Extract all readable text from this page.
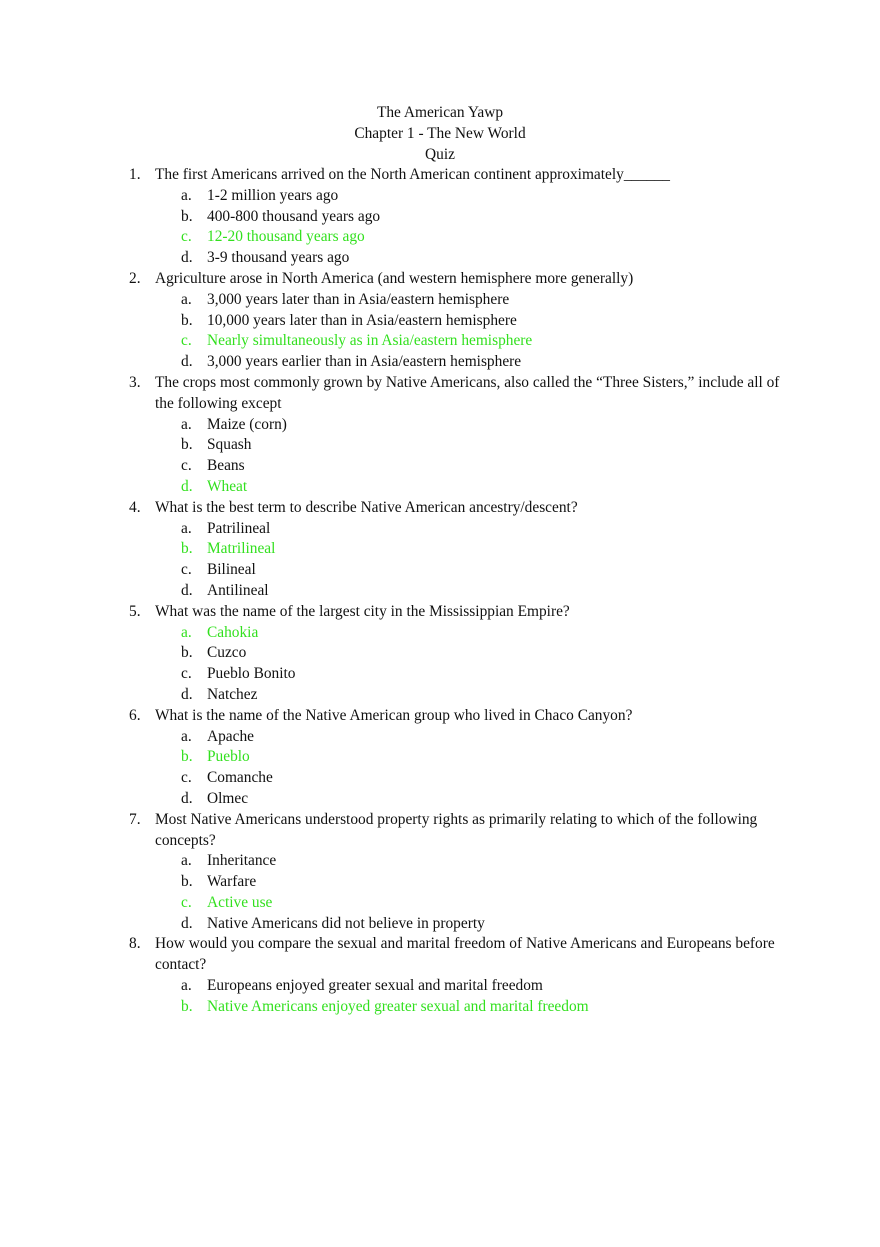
The American Yawp
Chapter 1 - The New World
Quiz
1. The first Americans arrived on the North American continent approximately______
a. 1-2 million years ago
b. 400-800 thousand years ago
c. 12-20 thousand years ago
d. 3-9 thousand years ago
2. Agriculture arose in North America (and western hemisphere more generally)
a. 3,000 years later than in Asia/eastern hemisphere
b. 10,000 years later than in Asia/eastern hemisphere
c. Nearly simultaneously as in Asia/eastern hemisphere
d. 3,000 years earlier than in Asia/eastern hemisphere
3. The crops most commonly grown by Native Americans, also called the “Three Sisters,” include all of the following except
a. Maize (corn)
b. Squash
c. Beans
d. Wheat
4. What is the best term to describe Native American ancestry/descent?
a. Patrilineal
b. Matrilineal
c. Bilineal
d. Antilineal
5. What was the name of the largest city in the Mississippian Empire?
a. Cahokia
b. Cuzco
c. Pueblo Bonito
d. Natchez
6. What is the name of the Native American group who lived in Chaco Canyon?
a. Apache
b. Pueblo
c. Comanche
d. Olmec
7. Most Native Americans understood property rights as primarily relating to which of the following concepts?
a. Inheritance
b. Warfare
c. Active use
d. Native Americans did not believe in property
8. How would you compare the sexual and marital freedom of Native Americans and Europeans before contact?
a. Europeans enjoyed greater sexual and marital freedom
b. Native Americans enjoyed greater sexual and marital freedom
